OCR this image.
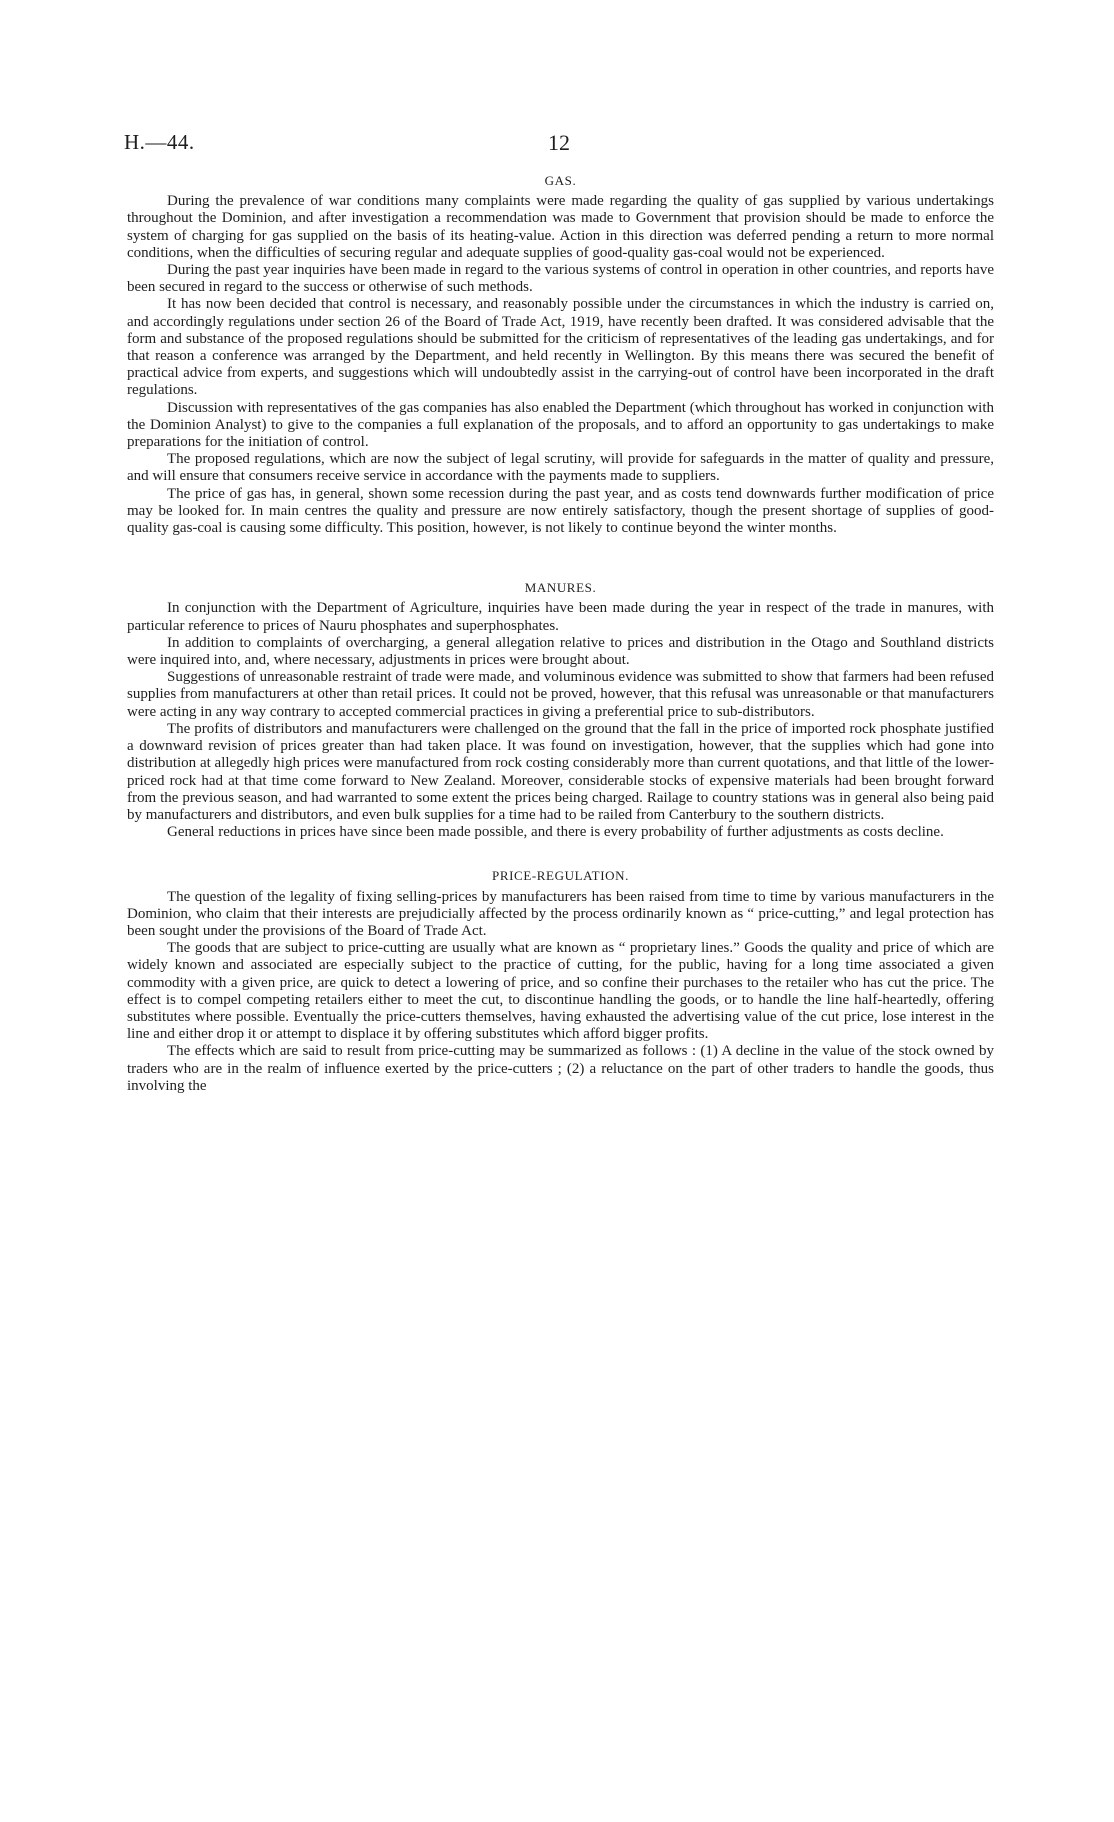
H.—44.	12
GAS.

During the prevalence of war conditions many complaints were made regarding the quality of gas supplied by various undertakings throughout the Dominion, and after investigation a recommendation was made to Government that provision should be made to enforce the system of charging for gas supplied on the basis of its heating-value. Action in this direction was deferred pending a return to more normal conditions, when the difficulties of securing regular and adequate supplies of good-quality gas-coal would not be experienced.

During the past year inquiries have been made in regard to the various systems of control in operation in other countries, and reports have been secured in regard to the success or otherwise of such methods.

It has now been decided that control is necessary, and reasonably possible under the circumstances in which the industry is carried on, and accordingly regulations under section 26 of the Board of Trade Act, 1919, have recently been drafted. It was considered advisable that the form and substance of the proposed regulations should be submitted for the criticism of representatives of the leading gas undertakings, and for that reason a conference was arranged by the Department, and held recently in Wellington. By this means there was secured the benefit of practical advice from experts, and suggestions which will undoubtedly assist in the carrying-out of control have been incorporated in the draft regulations.

Discussion with representatives of the gas companies has also enabled the Department (which throughout has worked in conjunction with the Dominion Analyst) to give to the companies a full explanation of the proposals, and to afford an opportunity to gas undertakings to make preparations for the initiation of control.

The proposed regulations, which are now the subject of legal scrutiny, will provide for safeguards in the matter of quality and pressure, and will ensure that consumers receive service in accordance with the payments made to suppliers.

The price of gas has, in general, shown some recession during the past year, and as costs tend downwards further modification of price may be looked for. In main centres the quality and pressure are now entirely satisfactory, though the present shortage of supplies of good-quality gas-coal is causing some difficulty. This position, however, is not likely to continue beyond the winter months.

MANURES.

In conjunction with the Department of Agriculture, inquiries have been made during the year in respect of the trade in manures, with particular reference to prices of Nauru phosphates and superphosphates.

In addition to complaints of overcharging, a general allegation relative to prices and distribution in the Otago and Southland districts were inquired into, and, where necessary, adjustments in prices were brought about.

Suggestions of unreasonable restraint of trade were made, and voluminous evidence was submitted to show that farmers had been refused supplies from manufacturers at other than retail prices. It could not be proved, however, that this refusal was unreasonable or that manufacturers were acting in any way contrary to accepted commercial practices in giving a preferential price to sub-distributors.

The profits of distributors and manufacturers were challenged on the ground that the fall in the price of imported rock phosphate justified a downward revision of prices greater than had taken place. It was found on investigation, however, that the supplies which had gone into distribution at allegedly high prices were manufactured from rock costing considerably more than current quotations, and that little of the lower-priced rock had at that time come forward to New Zealand. Moreover, considerable stocks of expensive materials had been brought forward from the previous season, and had warranted to some extent the prices being charged. Railage to country stations was in general also being paid by manufacturers and distributors, and even bulk supplies for a time had to be railed from Canterbury to the southern districts.

General reductions in prices have since been made possible, and there is every probability of further adjustments as costs decline.

PRICE-REGULATION.

The question of the legality of fixing selling-prices by manufacturers has been raised from time to time by various manufacturers in the Dominion, who claim that their interests are prejudicially affected by the process ordinarily known as “ price-cutting,” and legal protection has been sought under the provisions of the Board of Trade Act.

The goods that are subject to price-cutting are usually what are known as “ proprietary lines.” Goods the quality and price of which are widely known and associated are especially subject to the practice of cutting, for the public, having for a long time associated a given commodity with a given price, are quick to detect a lowering of price, and so confine their purchases to the retailer who has cut the price. The effect is to compel competing retailers either to meet the cut, to discontinue handling the goods, or to handle the line half-heartedly, offering substitutes where possible. Eventually the price-cutters themselves, having exhausted the advertising value of the cut price, lose interest in the line and either drop it or attempt to displace it by offering substitutes which afford bigger profits.

The effects which are said to result from price-cutting may be summarized as follows : (1) A decline in the value of the stock owned by traders who are in the realm of influence exerted by the price-cutters ; (2) a reluctance on the part of other traders to handle the goods, thus involving the
